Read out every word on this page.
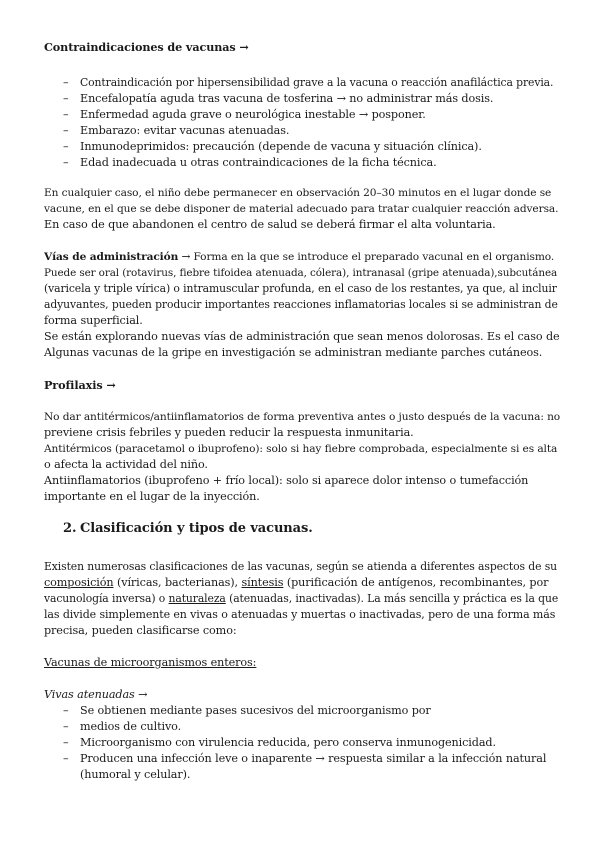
Contraindicaciones de vacunas →
– Contraindicación por hipersensibilidad grave a la vacuna o reacción anafiláctica previa.
– Encefalopatía aguda tras vacuna de tosferina → no administrar más dosis.
– Enfermedad aguda grave o neurológica inestable → posponer.
– Embarazo: evitar vacunas atenuadas.
– Inmunodeprimidos: precaución (depende de vacuna y situación clínica).
– Edad inadecuada u otras contraindicaciones de la ficha técnica.
En cualquier caso, el niño debe permanecer en observación 20–30 minutos en el lugar donde se
vacune, en el que se debe disponer de material adecuado para tratar cualquier reacción adversa.
En caso de que abandonen el centro de salud se deberá firmar el alta voluntaria.
Vías de administración → Forma en la que se introduce el preparado vacunal en el organismo.
Puede ser oral (rotavirus, fiebre tifoidea atenuada, cólera), intranasal (gripe atenuada),subcutánea
(varicela y triple vírica) o intramuscular profunda, en el caso de los restantes, ya que, al incluir
adyuvantes, pueden producir importantes reacciones inflamatorias locales si se administran de
forma superficial.
Se están explorando nuevas vías de administración que sean menos dolorosas. Es el caso de
Algunas vacunas de la gripe en investigación se administran mediante parches cutáneos.
Profilaxis →
No dar antitérmicos/antiinflamatorios de forma preventiva antes o justo después de la vacuna: no
previene crisis febriles y pueden reducir la respuesta inmunitaria.
Antitérmicos (paracetamol o ibuprofeno): solo si hay fiebre comprobada, especialmente si es alta
o afecta la actividad del niño.
Antiinflamatorios (ibuprofeno + frío local): solo si aparece dolor intenso o tumefacción
importante en el lugar de la inyección.
2. Clasificación y tipos de vacunas.
Existen numerosas clasificaciones de las vacunas, según se atienda a diferentes aspectos de su
composición (víricas, bacterianas), síntesis (purificación de antígenos, recombinantes, por
vacunología inversa) o naturaleza (atenuadas, inactivadas). La más sencilla y práctica es la que
las divide simplemente en vivas o atenuadas y muertas o inactivadas, pero de una forma más
precisa, pueden clasificarse como:
Vacunas de microorganismos enteros:
Vivas atenuadas →
– Se obtienen mediante pases sucesivos del microorganismo por
– medios de cultivo.
– Microorganismo con virulencia reducida, pero conserva inmunogenicidad.
– Producen una infección leve o inaparente → respuesta similar a la infección natural
(humoral y celular).
